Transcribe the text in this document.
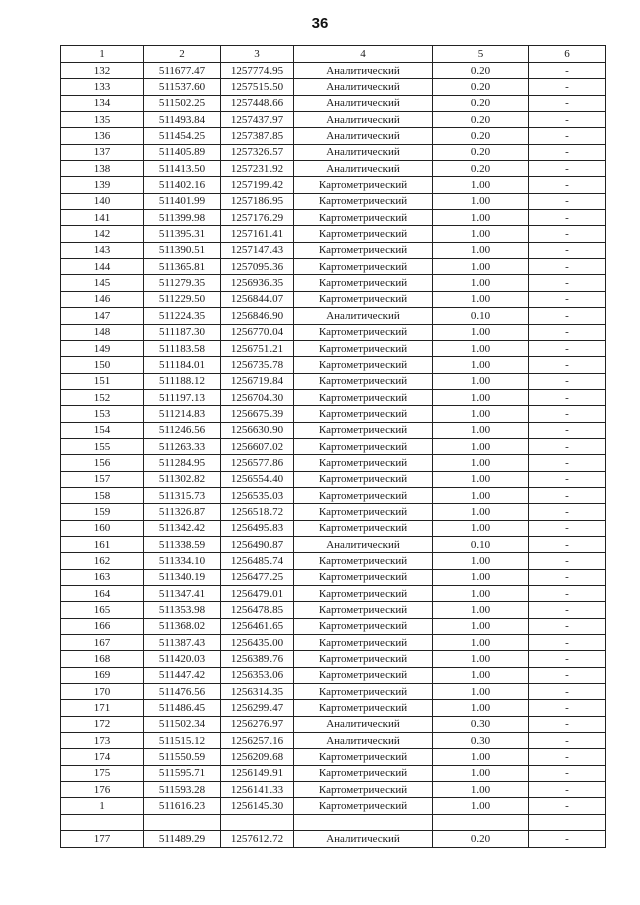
36
1	2	3	4	5	6
132	511677.47	1257774.95	Аналитический	0.20	-
133	511537.60	1257515.50	Аналитический	0.20	-
134	511502.25	1257448.66	Аналитический	0.20	-
135	511493.84	1257437.97	Аналитический	0.20	-
136	511454.25	1257387.85	Аналитический	0.20	-
137	511405.89	1257326.57	Аналитический	0.20	-
138	511413.50	1257231.92	Аналитический	0.20	-
139	511402.16	1257199.42	Картометрический	1.00	-
140	511401.99	1257186.95	Картометрический	1.00	-
141	511399.98	1257176.29	Картометрический	1.00	-
142	511395.31	1257161.41	Картометрический	1.00	-
143	511390.51	1257147.43	Картометрический	1.00	-
144	511365.81	1257095.36	Картометрический	1.00	-
145	511279.35	1256936.35	Картометрический	1.00	-
146	511229.50	1256844.07	Картометрический	1.00	-
147	511224.35	1256846.90	Аналитический	0.10	-
148	511187.30	1256770.04	Картометрический	1.00	-
149	511183.58	1256751.21	Картометрический	1.00	-
150	511184.01	1256735.78	Картометрический	1.00	-
151	511188.12	1256719.84	Картометрический	1.00	-
152	511197.13	1256704.30	Картометрический	1.00	-
153	511214.83	1256675.39	Картометрический	1.00	-
154	511246.56	1256630.90	Картометрический	1.00	-
155	511263.33	1256607.02	Картометрический	1.00	-
156	511284.95	1256577.86	Картометрический	1.00	-
157	511302.82	1256554.40	Картометрический	1.00	-
158	511315.73	1256535.03	Картометрический	1.00	-
159	511326.87	1256518.72	Картометрический	1.00	-
160	511342.42	1256495.83	Картометрический	1.00	-
161	511338.59	1256490.87	Аналитический	0.10	-
162	511334.10	1256485.74	Картометрический	1.00	-
163	511340.19	1256477.25	Картометрический	1.00	-
164	511347.41	1256479.01	Картометрический	1.00	-
165	511353.98	1256478.85	Картометрический	1.00	-
166	511368.02	1256461.65	Картометрический	1.00	-
167	511387.43	1256435.00	Картометрический	1.00	-
168	511420.03	1256389.76	Картометрический	1.00	-
169	511447.42	1256353.06	Картометрический	1.00	-
170	511476.56	1256314.35	Картометрический	1.00	-
171	511486.45	1256299.47	Картометрический	1.00	-
172	511502.34	1256276.97	Аналитический	0.30	-
173	511515.12	1256257.16	Аналитический	0.30	-
174	511550.59	1256209.68	Картометрический	1.00	-
175	511595.71	1256149.91	Картометрический	1.00	-
176	511593.28	1256141.33	Картометрический	1.00	-
1	511616.23	1256145.30	Картометрический	1.00	-

177	511489.29	1257612.72	Аналитический	0.20	-
